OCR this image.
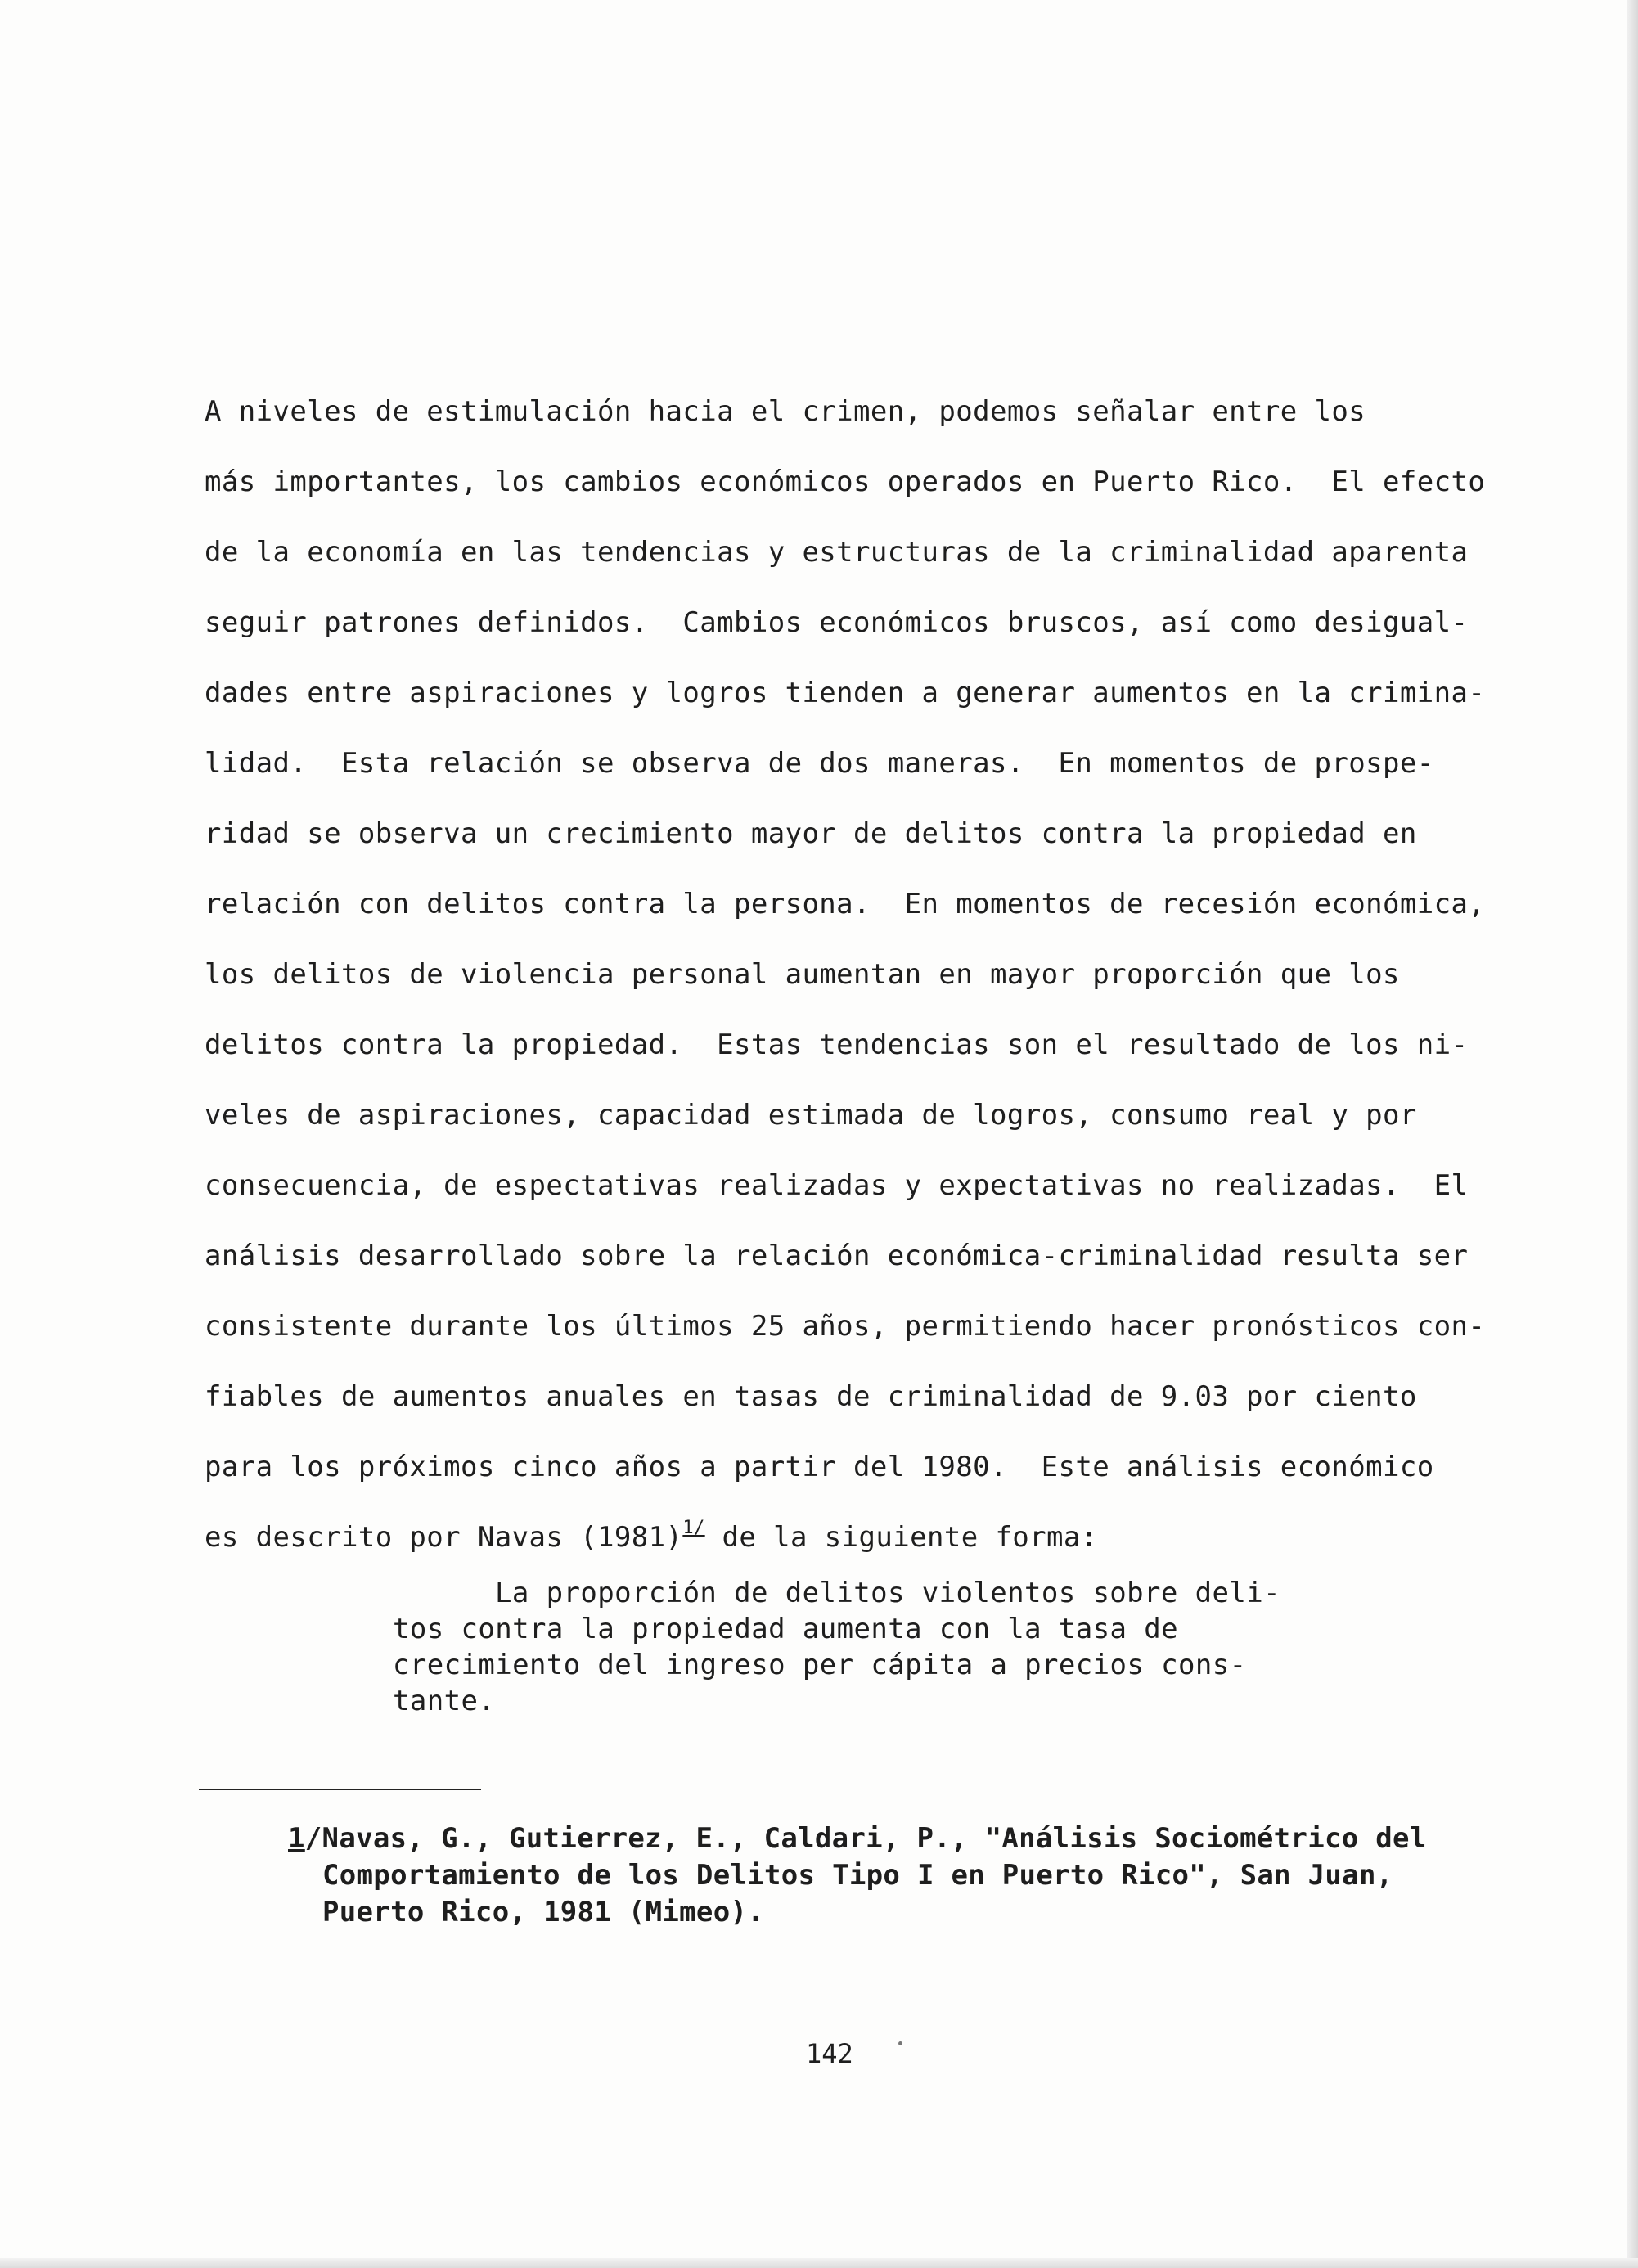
A niveles de estimulación hacia el crimen, podemos señalar entre los
más importantes, los cambios económicos operados en Puerto Rico.  El efecto
de la economía en las tendencias y estructuras de la criminalidad aparenta
seguir patrones definidos.  Cambios económicos bruscos, así como desigual-
dades entre aspiraciones y logros tienden a generar aumentos en la crimina-
lidad.  Esta relación se observa de dos maneras.  En momentos de prospe-
ridad se observa un crecimiento mayor de delitos contra la propiedad en
relación con delitos contra la persona.  En momentos de recesión económica,
los delitos de violencia personal aumentan en mayor proporción que los
delitos contra la propiedad.  Estas tendencias son el resultado de los ni-
veles de aspiraciones, capacidad estimada de logros, consumo real y por
consecuencia, de espectativas realizadas y expectativas no realizadas.  El
análisis desarrollado sobre la relación económica-criminalidad resulta ser
consistente durante los últimos 25 años, permitiendo hacer pronósticos con-
fiables de aumentos anuales en tasas de criminalidad de 9.03 por ciento
para los próximos cinco años a partir del 1980.  Este análisis económico
es descrito por Navas $(1981)^{1/}$ de la siguiente forma:
La proporción de delitos violentos sobre deli-
tos contra la propiedad aumenta con la tasa de
crecimiento del ingreso per cápita a precios cons-
tante.
1/Navas, G., Gutierrez, E., Caldari, P., "Análisis Sociométrico del
Comportamiento de los Delitos Tipo I en Puerto Rico", San Juan,
Puerto Rico, 1981 (Mimeo).
142
